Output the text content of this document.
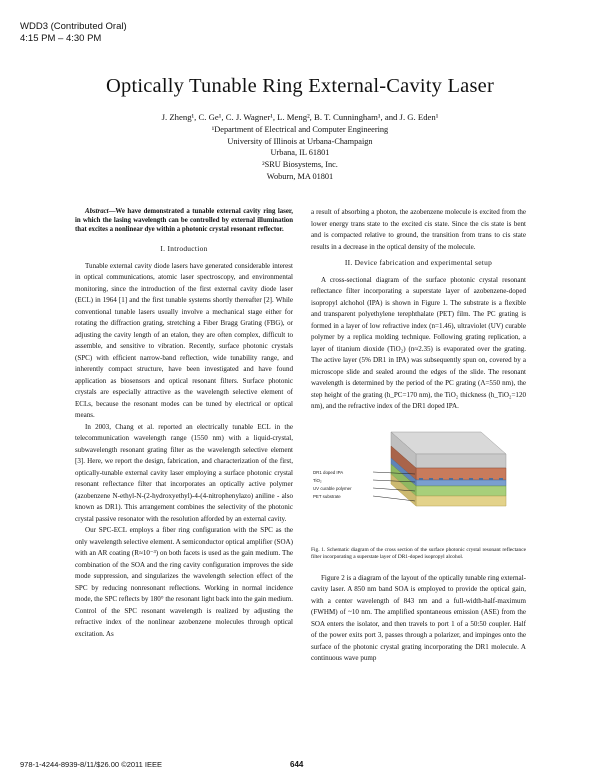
WDD3 (Contributed Oral)
4:15 PM – 4:30 PM
Optically Tunable Ring External-Cavity Laser
J. Zheng¹, C. Ge¹, C. J. Wagner¹, L. Meng², B. T. Cunningham¹, and J. G. Eden¹
¹Department of Electrical and Computer Engineering
University of Illinois at Urbana-Champaign
Urbana, IL 61801
²SRU Biosystems, Inc.
Woburn, MA 01801

Abstract—We have demonstrated a tunable external cavity ring laser, in which the lasing wavelength can be controlled by external illumination that excites a nonlinear dye within a photonic crystal resonant reflector.

I. Introduction

Tunable external cavity diode lasers have generated considerable interest in optical communications, atomic laser spectroscopy, and environmental monitoring, since the introduction of the first external cavity diode laser (ECL) in 1964 [1] and the first tunable systems shortly thereafter [2]. While conventional tunable lasers usually involve a mechanical stage either for rotating the diffraction grating, stretching a Fiber Bragg Grating (FBG), or adjusting the cavity length of an etalon, they are often complex, difficult to assemble, and sensitive to vibration. Recently, surface photonic crystals (SPC) with efficient narrow-band reflection, wide tunability range, and inherently compact structure, have been investigated and have found application as biosensors and optical resonant filters. Surface photonic crystals are especially attractive as the wavelength selective element of ECLs, because the resonant modes can be tuned by electrical or optical means.

In 2003, Chang et al. reported an electrically tunable ECL in the telecommunication wavelength range (1550 nm) with a liquid-crystal, subwavelength resonant grating filter as the wavelength selective element [3]. Here, we report the design, fabrication, and characterization of the first, optically-tunable external cavity laser employing a surface photonic crystal resonant reflectance filter that incorporates an optically active polymer (azobenzene N-ethyl-N-(2-hydroxyethyl)-4-(4-nitrophenylazo) aniline - also known as DR1). This arrangement combines the selectivity of the photonic crystal passive resonator with the resolution afforded by an external cavity.

Our SPC-ECL employs a fiber ring configuration with the SPC as the only wavelength selective element. A semiconductor optical amplifier (SOA) with an AR coating (R≈10⁻³) on both facets is used as the gain medium. The combination of the SOA and the ring cavity configuration improves the side mode suppression, and singularizes the wavelength selection effect of the SPC by reducing nonresonant reflections. Working in normal incidence mode, the SPC reflects by 180° the resonant light back into the gain medium. Control of the SPC resonant wavelength is realized by adjusting the refractive index of the nonlinear azobenzene molecules through optical excitation. As

a result of absorbing a photon, the azobenzene molecule is excited from the lower energy trans state to the excited cis state. Since the cis state is bent and is compacted relative to ground, the transition from trans to cis state results in a decrease in the optical density of the molecule.

II. Device fabrication and experimental setup

A cross-sectional diagram of the surface photonic crystal resonant reflectance filter incorporating a superstate layer of azobenzene-doped isopropyl alchohol (IPA) is shown in Figure 1. The substrate is a flexible and transparent polyethylene terephthalate (PET) film. The PC grating is formed in a layer of low refractive index (n=1.46), ultraviolet (UV) curable polymer by a replica molding technique. Following grating replication, a layer of titanium dioxide (TiO₂) (n≈2.35) is evaporated over the grating. The active layer (5% DR1 in IPA) was subsequently spun on, covered by a microscope slide and sealed around the edges of the slide. The resonant wavelength is determined by the period of the PC grating (Λ=550 nm), the step height of the grating (h_PC=170 nm), the TiO₂ thickness (h_TiO₂=120 nm), and the refractive index of the DR1 doped IPA.

DR1 doped IPA
TiO₂
UV curable polymer
PET substrate

Fig. 1. Schematic diagram of the cross section of the surface photonic crystal resonant reflectance filter incorporating a superstate layer of DR1-doped isopropyl alcohol.

Figure 2 is a diagram of the layout of the optically tunable ring external-cavity laser. A 850 nm band SOA is employed to provide the optical gain, with a center wavelength of 843 nm and a full-width-half-maximum (FWHM) of ~10 nm. The amplified spontaneous emission (ASE) from the SOA enters the isolator, and then travels to port 1 of a 50:50 coupler. Half of the power exits port 3, passes through a polarizer, and impinges onto the surface of the photonic crystal grating incorporating the DR1 molecule. A continuous wave pump

978-1-4244-8939-8/11/$26.00 ©2011 IEEE	644
